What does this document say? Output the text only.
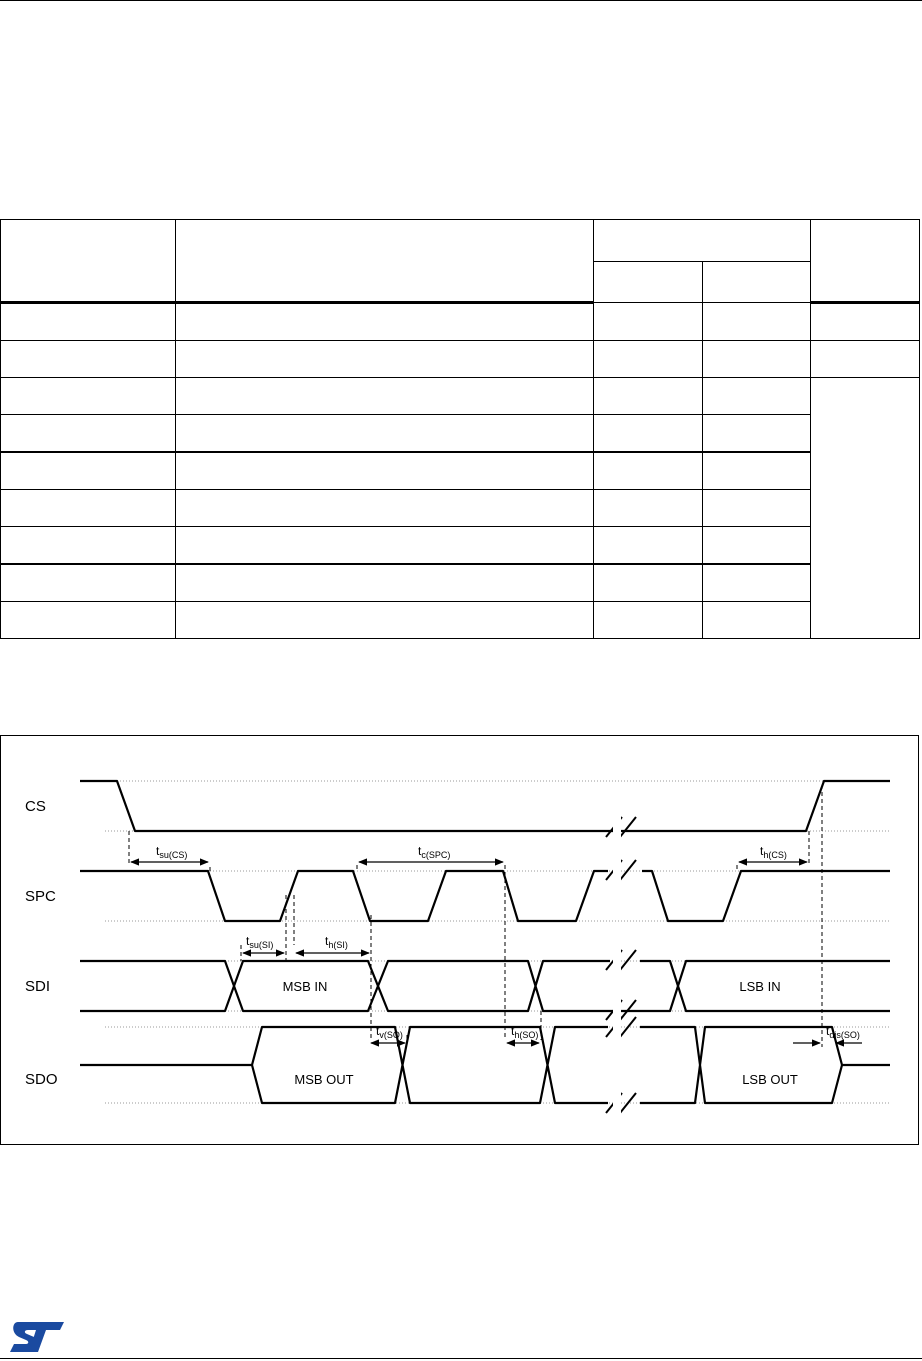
CS
SPC
SDI
SDO
$t_{su(CS)}$	$t_{c(SPC)}$	$t_{h(CS)}$
$t_{su(SI)}$	$t_{h(SI)}$
$t_{v(SO)}$	$t_{h(SO)}$	$t_{dis(SO)}$
MSB IN	LSB IN
MSB OUT	LSB OUT
